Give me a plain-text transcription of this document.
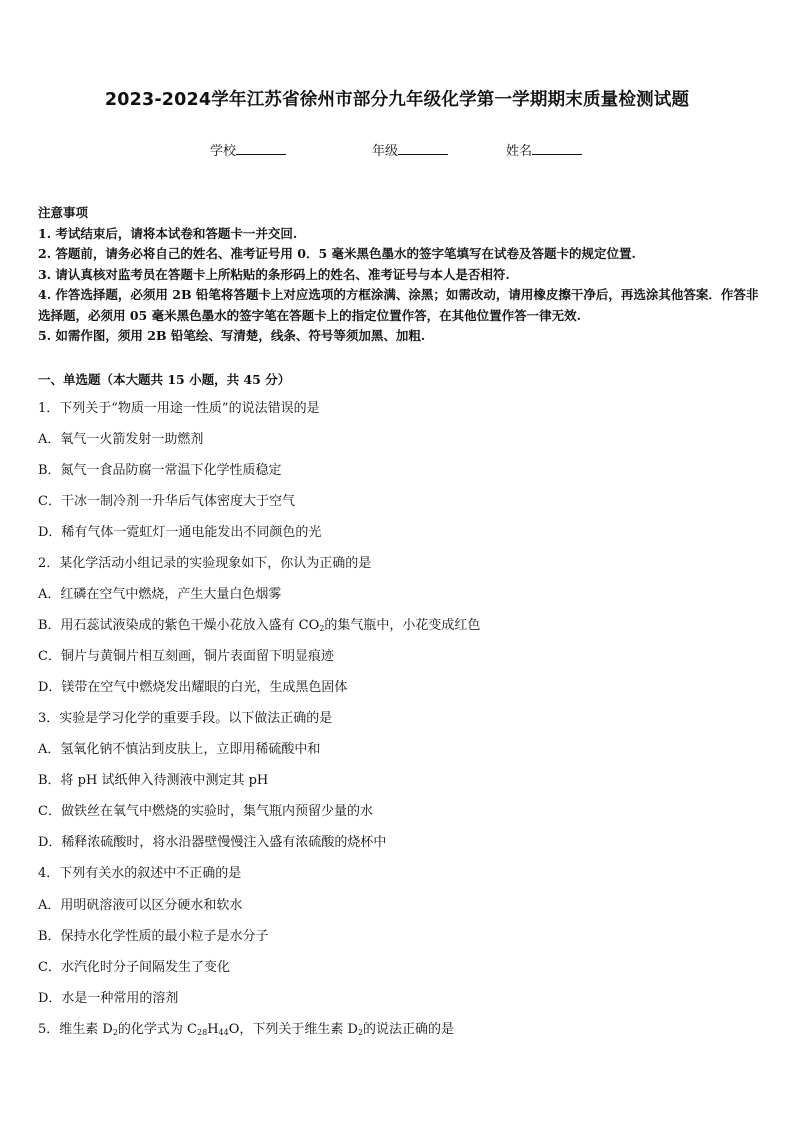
2023-2024学年江苏省徐州市部分九年级化学第一学期期末质量检测试题
学校	年级	姓名
注意事项
1. 考试结束后，请将本试卷和答题卡一并交回.
2. 答题前，请务必将自己的姓名、准考证号用 0．5 毫米黑色墨水的签字笔填写在试卷及答题卡的规定位置.
3. 请认真核对监考员在答题卡上所粘贴的条形码上的姓名、准考证号与本人是否相符.
4. 作答选择题，必须用 2B 铅笔将答题卡上对应选项的方框涂满、涂黑；如需改动，请用橡皮擦干净后，再选涂其他答案．作答非选择题，必须用 05 毫米黑色墨水的签字笔在答题卡上的指定位置作答，在其他位置作答一律无效.
5. 如需作图，须用 2B 铅笔绘、写清楚，线条、符号等须加黑、加粗.
一、单选题（本大题共 15 小题，共 45 分）
1．下列关于“物质一用途一性质”的说法错误的是
A．氧气一火箭发射一助燃剂
B．氮气一食品防腐一常温下化学性质稳定
C．干冰一制冷剂一升华后气体密度大于空气
D．稀有气体一霓虹灯一通电能发出不同颜色的光
2．某化学活动小组记录的实验现象如下，你认为正确的是
A．红磷在空气中燃烧，产生大量白色烟雾
B．用石蕊试液染成的紫色干燥小花放入盛有 $CO_2$的集气瓶中，小花变成红色
C．铜片与黄铜片相互刻画，铜片表面留下明显痕迹
D．镁带在空气中燃烧发出耀眼的白光，生成黑色固体
3．实验是学习化学的重要手段。以下做法正确的是
A．氢氧化钠不慎沾到皮肤上，立即用稀硫酸中和
B．将 pH 试纸伸入待测液中测定其 pH
C．做铁丝在氧气中燃烧的实验时，集气瓶内预留少量的水
D．稀释浓硫酸时，将水沿器壁慢慢注入盛有浓硫酸的烧杯中
4．下列有关水的叙述中不正确的是
A．用明矾溶液可以区分硬水和软水
B．保持水化学性质的最小粒子是水分子
C．水汽化时分子间隔发生了变化
D．水是一种常用的溶剂
5．维生素 $D_2$的化学式为 $C_{28}H_{44}O$，下列关于维生素 $D_2$的说法正确的是
